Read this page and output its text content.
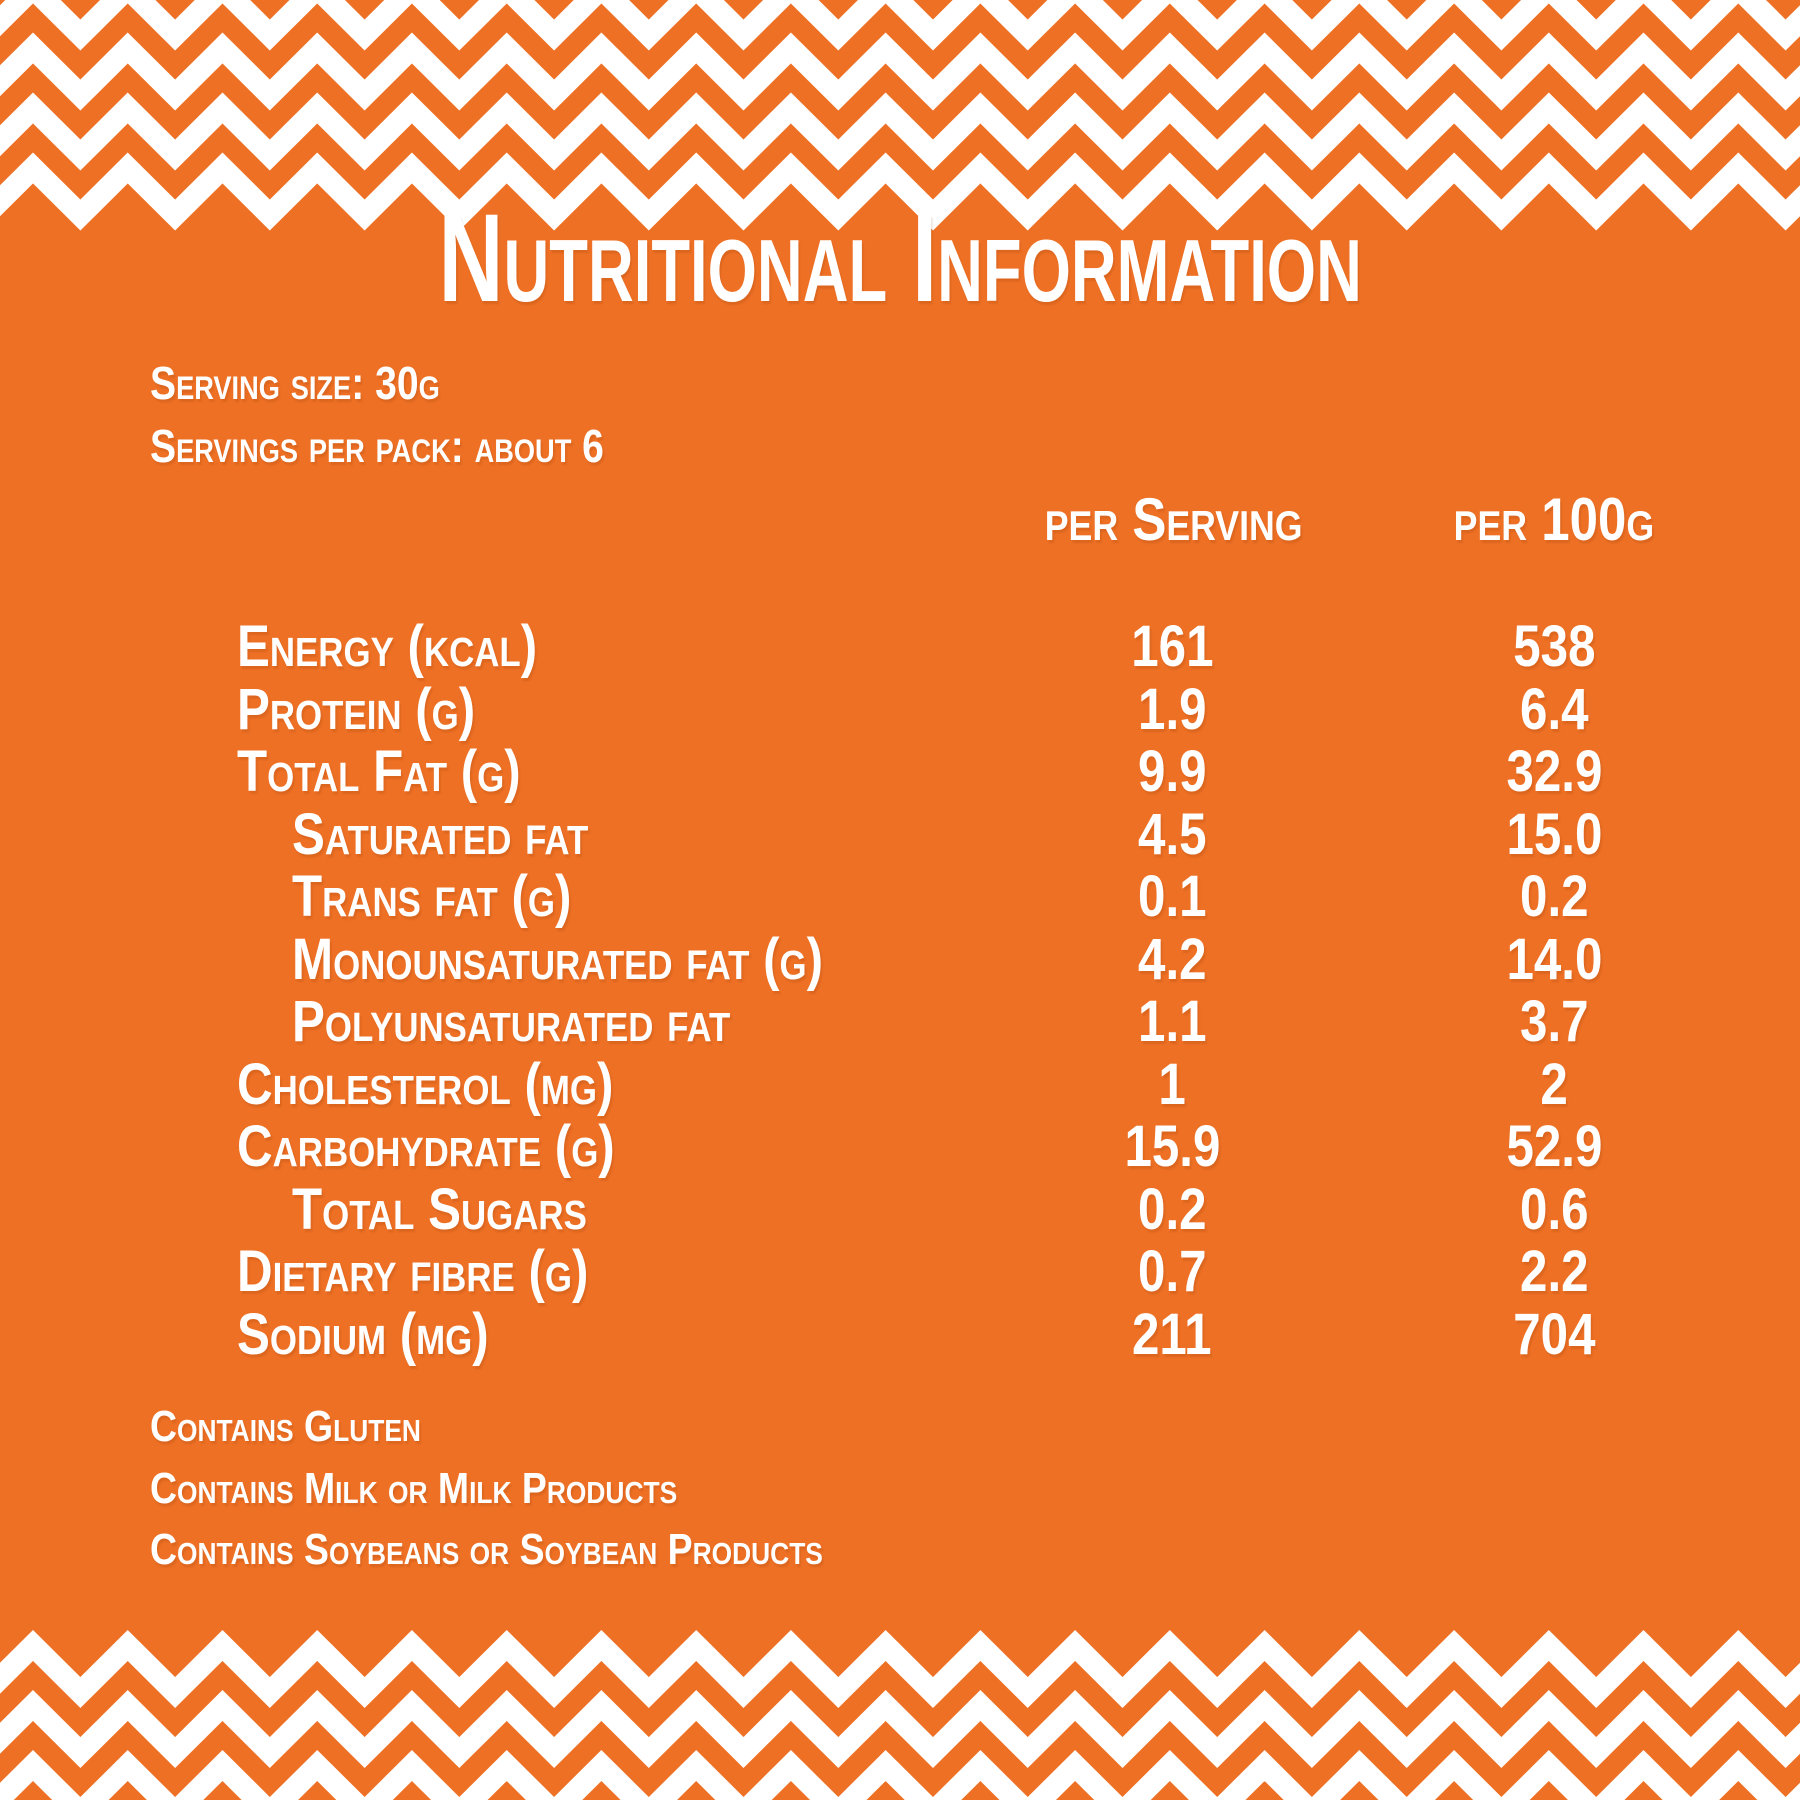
Nutritional Information
Serving size: 30g
Servings per pack: about 6
per Serving	per 100g
Energy (kcal)	161	538
Protein (g)	1.9	6.4
Total Fat (g)	9.9	32.9
Saturated fat	4.5	15.0
Trans fat (g)	0.1	0.2
Monounsaturated fat (g)	4.2	14.0
Polyunsaturated fat	1.1	3.7
Cholesterol (mg)	1	2
Carbohydrate (g)	15.9	52.9
Total Sugars	0.2	0.6
Dietary fibre (g)	0.7	2.2
Sodium (mg)	211	704
Contains Gluten
Contains Milk or Milk Products
Contains Soybeans or Soybean Products
